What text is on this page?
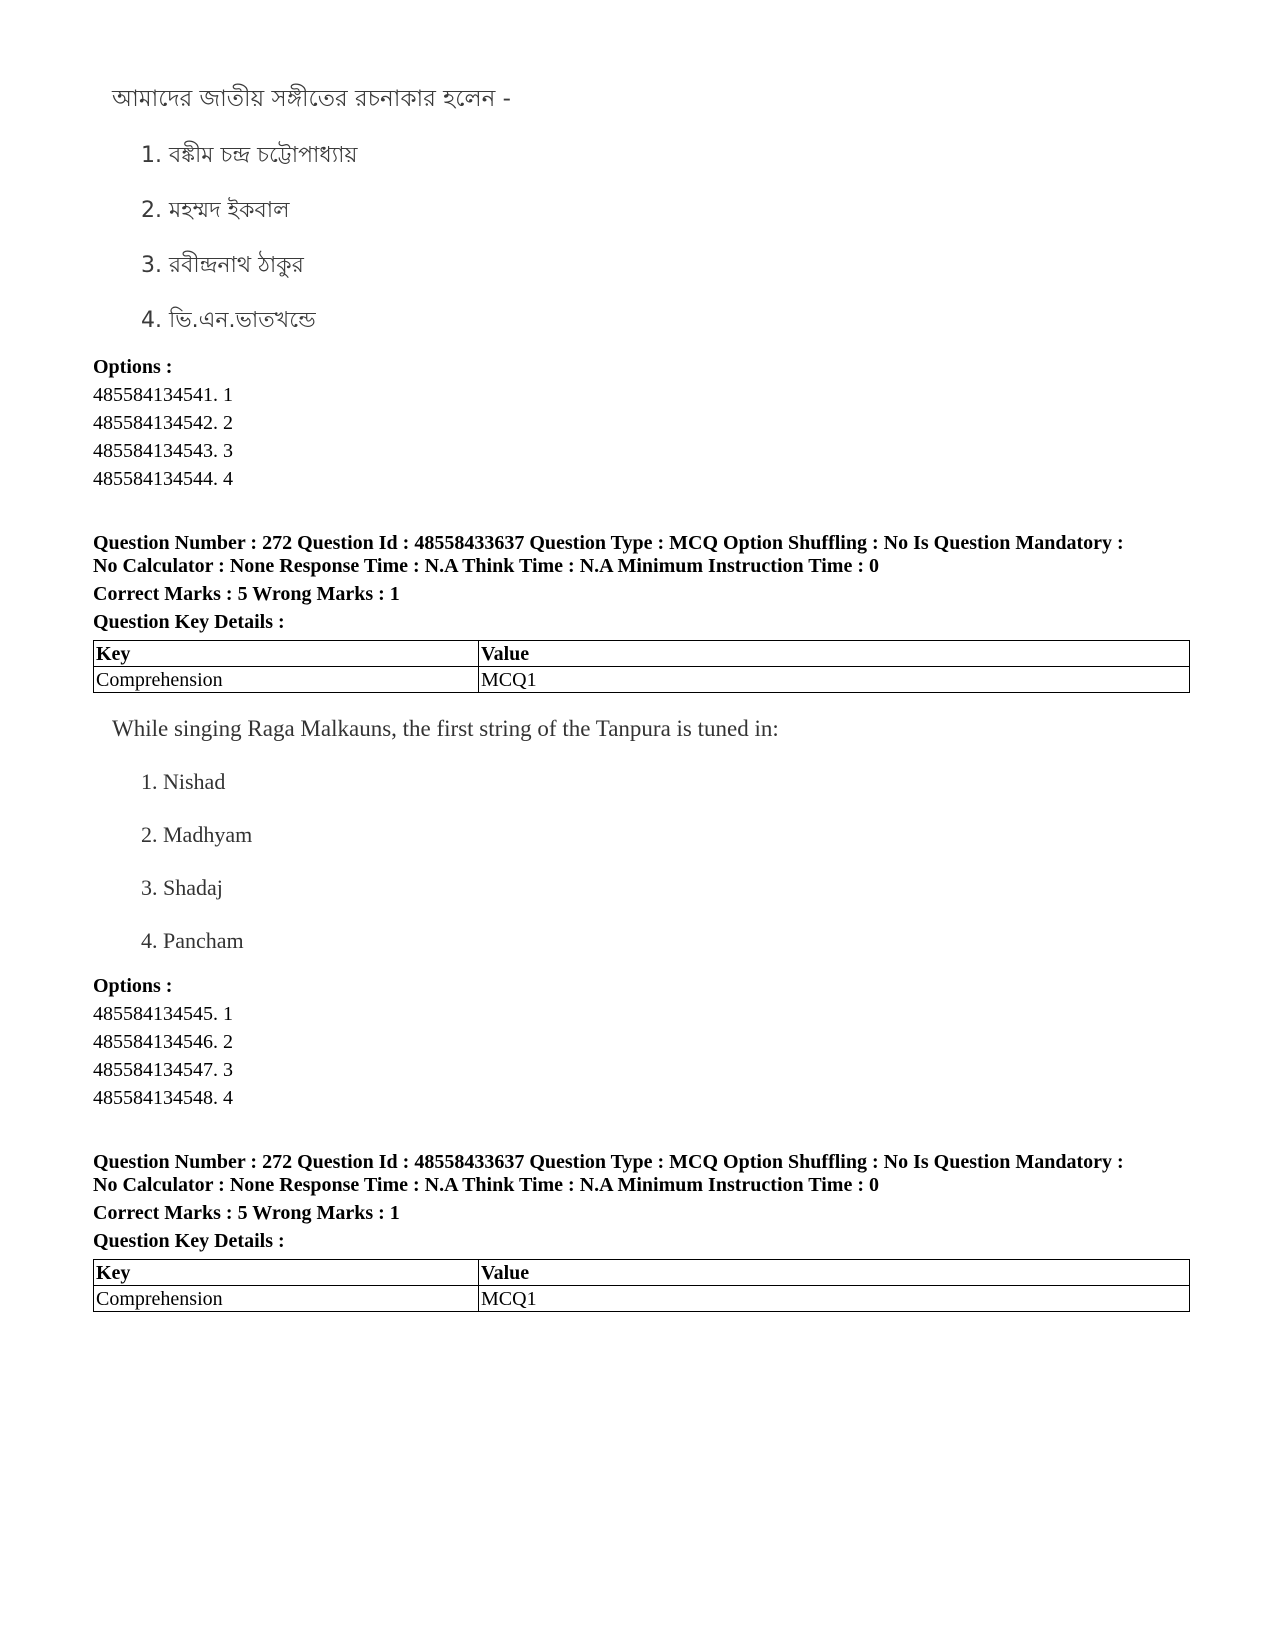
আমাদের জাতীয় সঙ্গীতের রচনাকার হলেন -
1. বঙ্কীম চন্দ্র চট্টোপাধ্যায়
2. মহম্মদ ইকবাল
3. রবীন্দ্রনাথ ঠাকুর
4. ভি.এন.ভাতখন্ডে
Options :
485584134541. 1
485584134542. 2
485584134543. 3
485584134544. 4
Question Number : 272 Question Id : 48558433637 Question Type : MCQ Option Shuffling : No Is Question Mandatory :
No Calculator : None Response Time : N.A Think Time : N.A Minimum Instruction Time : 0
Correct Marks : 5 Wrong Marks : 1
Question Key Details :
Key	Value
Comprehension	MCQ1
While singing Raga Malkauns, the first string of the Tanpura is tuned in:
1. Nishad
2. Madhyam
3. Shadaj
4. Pancham
Options :
485584134545. 1
485584134546. 2
485584134547. 3
485584134548. 4
Question Number : 272 Question Id : 48558433637 Question Type : MCQ Option Shuffling : No Is Question Mandatory :
No Calculator : None Response Time : N.A Think Time : N.A Minimum Instruction Time : 0
Correct Marks : 5 Wrong Marks : 1
Question Key Details :
Key	Value
Comprehension	MCQ1
